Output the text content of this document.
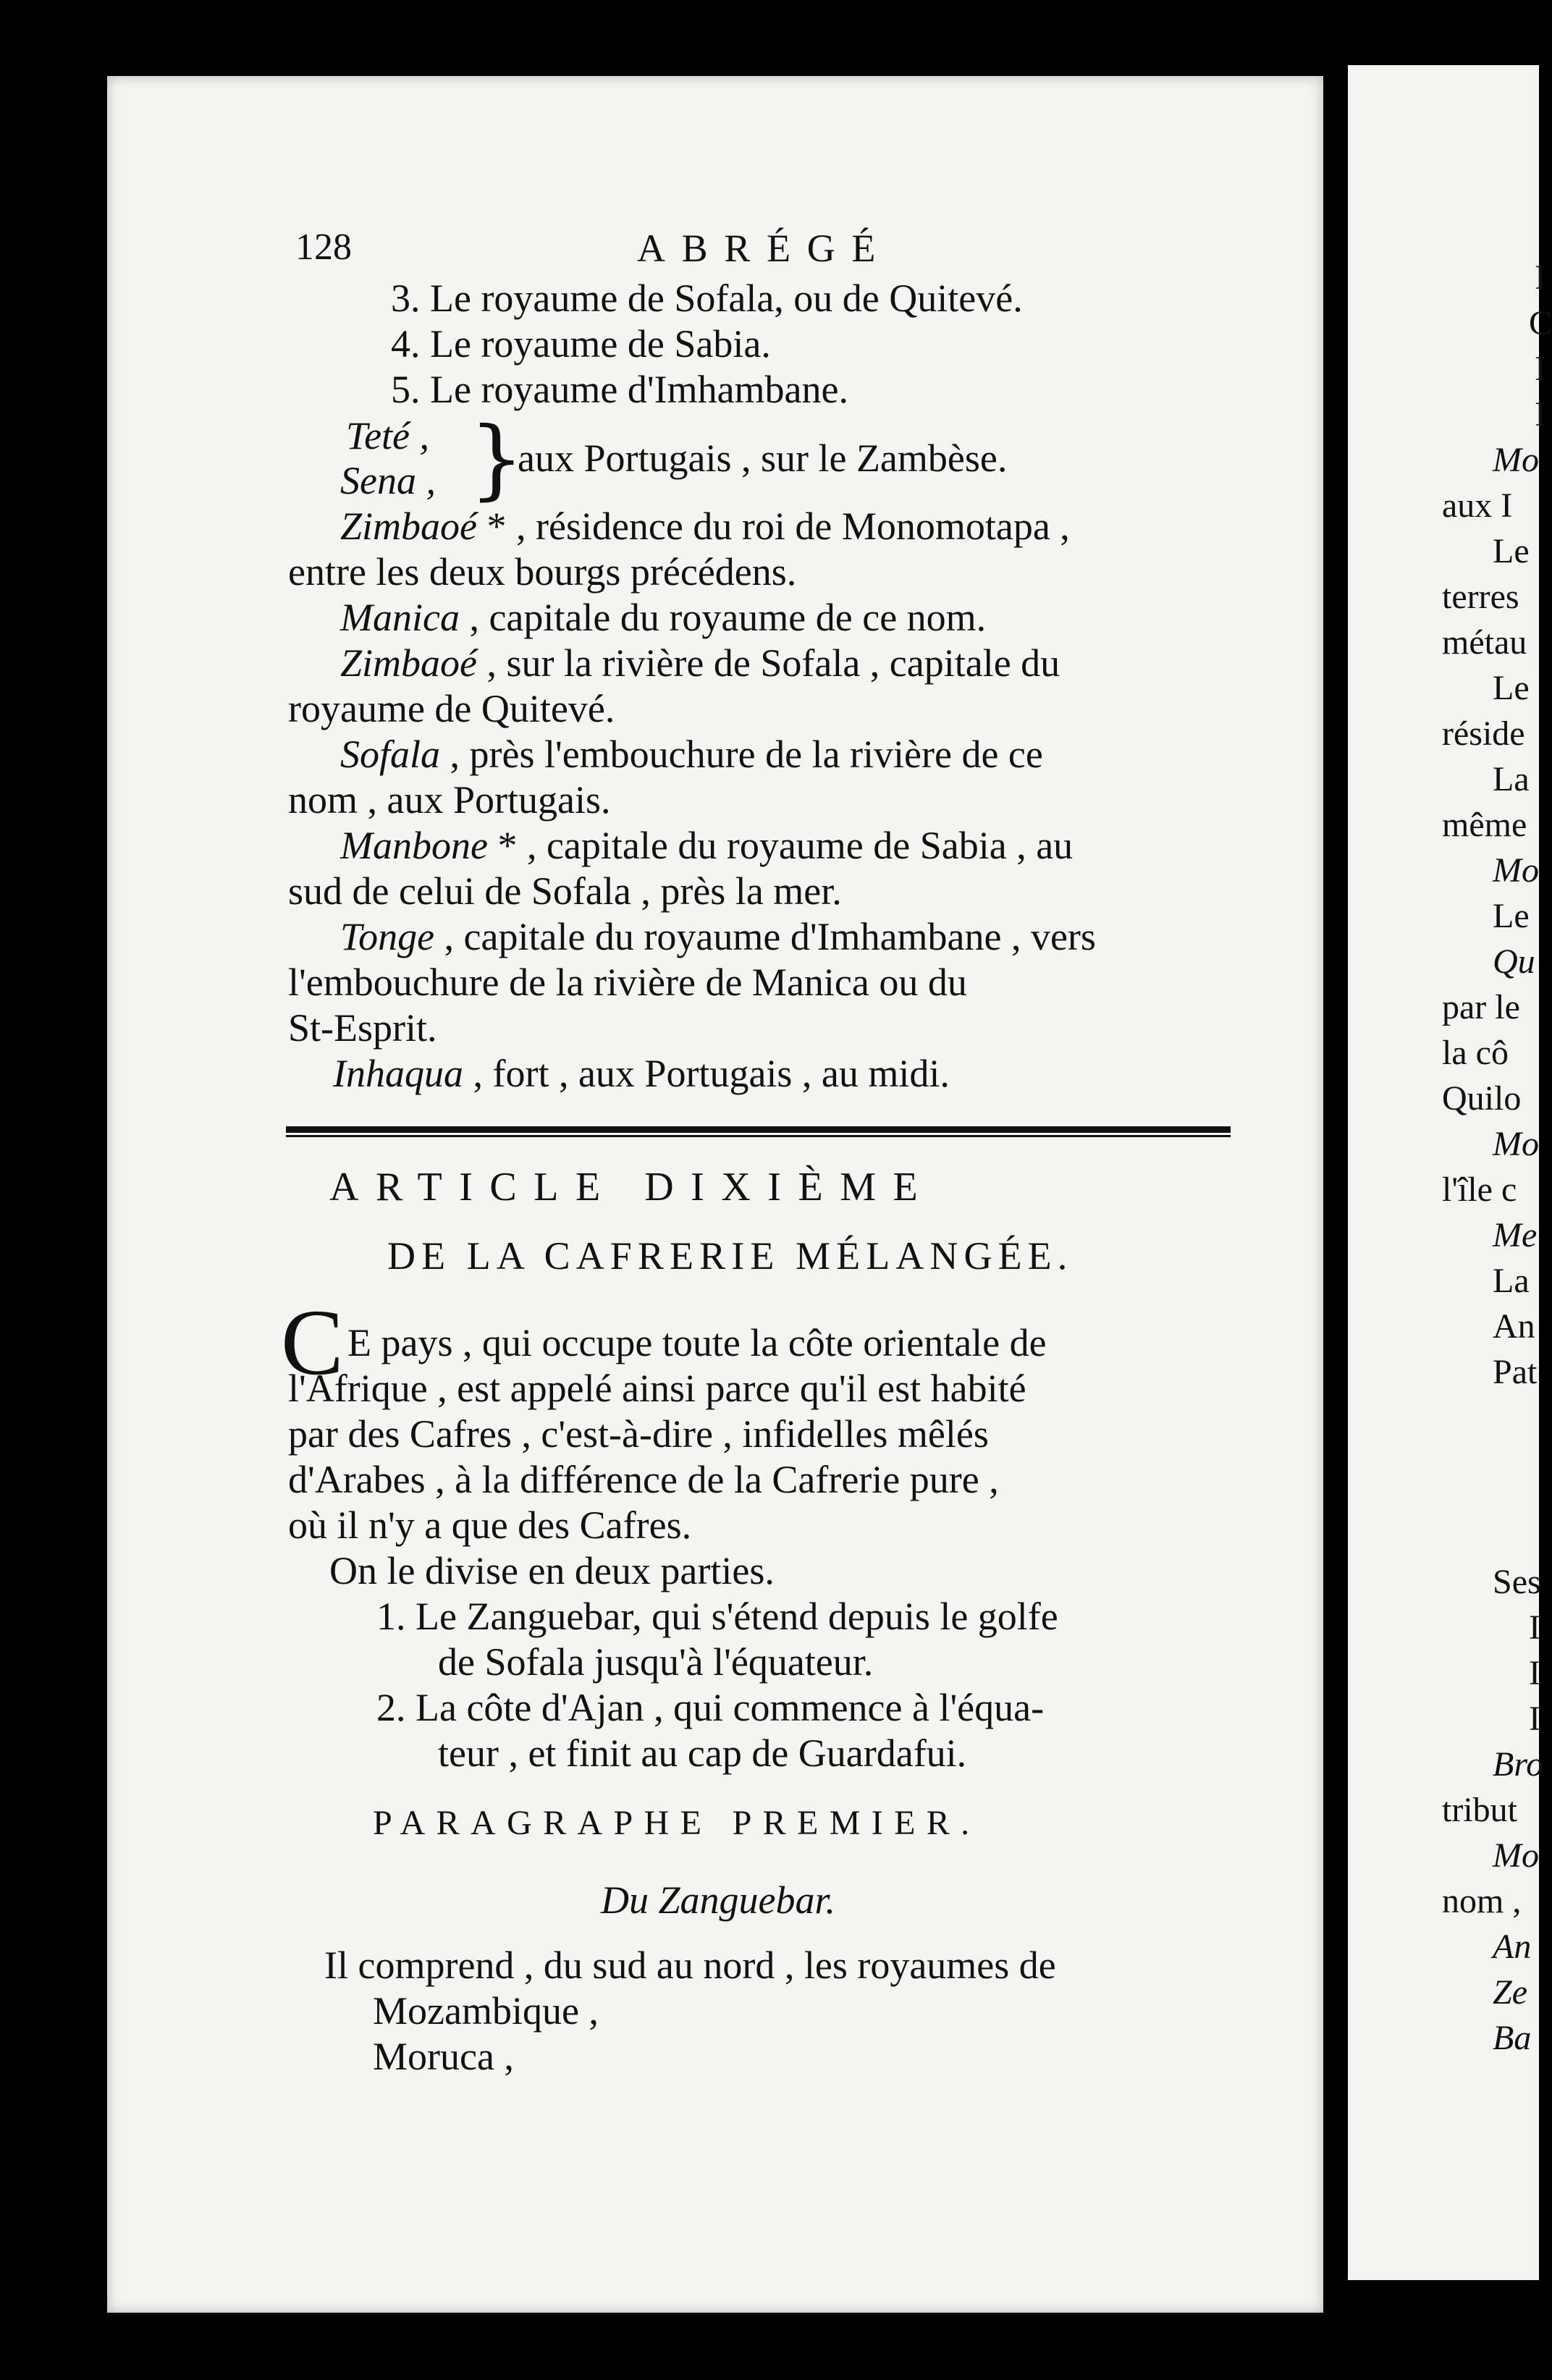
128	ABRÉGÉ
3. Le royaume de Sofala, ou de Quitevé.
4. Le royaume de Sabia.
5. Le royaume d'Imhambane.
Teté ,
Sena , }
aux Portugais , sur le Zambèse.
Zimbaoé * , résidence du roi de Monomotapa ,
entre les deux bourgs précédens.
Manica , capitale du royaume de ce nom.
Zimbaoé , sur la rivière de Sofala , capitale du
royaume de Quitevé.
Sofala , près l'embouchure de la rivière de ce
nom , aux Portugais.
Manbone * , capitale du royaume de Sabia , au
sud de celui de Sofala , près la mer.
Tonge , capitale du royaume d'Imhambane , vers
l'embouchure de la rivière de Manica ou du
St-Esprit.
Inhaqua , fort , aux Portugais , au midi.
ARTICLE DIXIÈME
DE LA CAFRERIE MÉLANGÉE.
C E pays , qui occupe toute la côte orientale de
l'Afrique , est appelé ainsi parce qu'il est habité
par des Cafres , c'est-à-dire , infidelles mêlés
d'Arabes , à la différence de la Cafrerie pure ,
où il n'y a que des Cafres.
On le divise en deux parties.
1. Le Zanguebar, qui s'étend depuis le golfe
de Sofala jusqu'à l'équateur.
2. La côte d'Ajan , qui commence à l'équa-
teur , et finit au cap de Guardafui.
PARAGRAPHE PREMIER.
Du Zanguebar.
Il comprend , du sud au nord , les royaumes de
Mozambique ,
Moruca ,
I
C
I
I
Mo
aux I
Le
terres
métau
Le
réside
La
même
Mo
Le
Qu
par le
la cô
Quilo
Mo
l'île c
Me
La
An
Pat
Ses
I
I
I
Bro
tribut
Mo
nom ,
An
Ze
Ba
